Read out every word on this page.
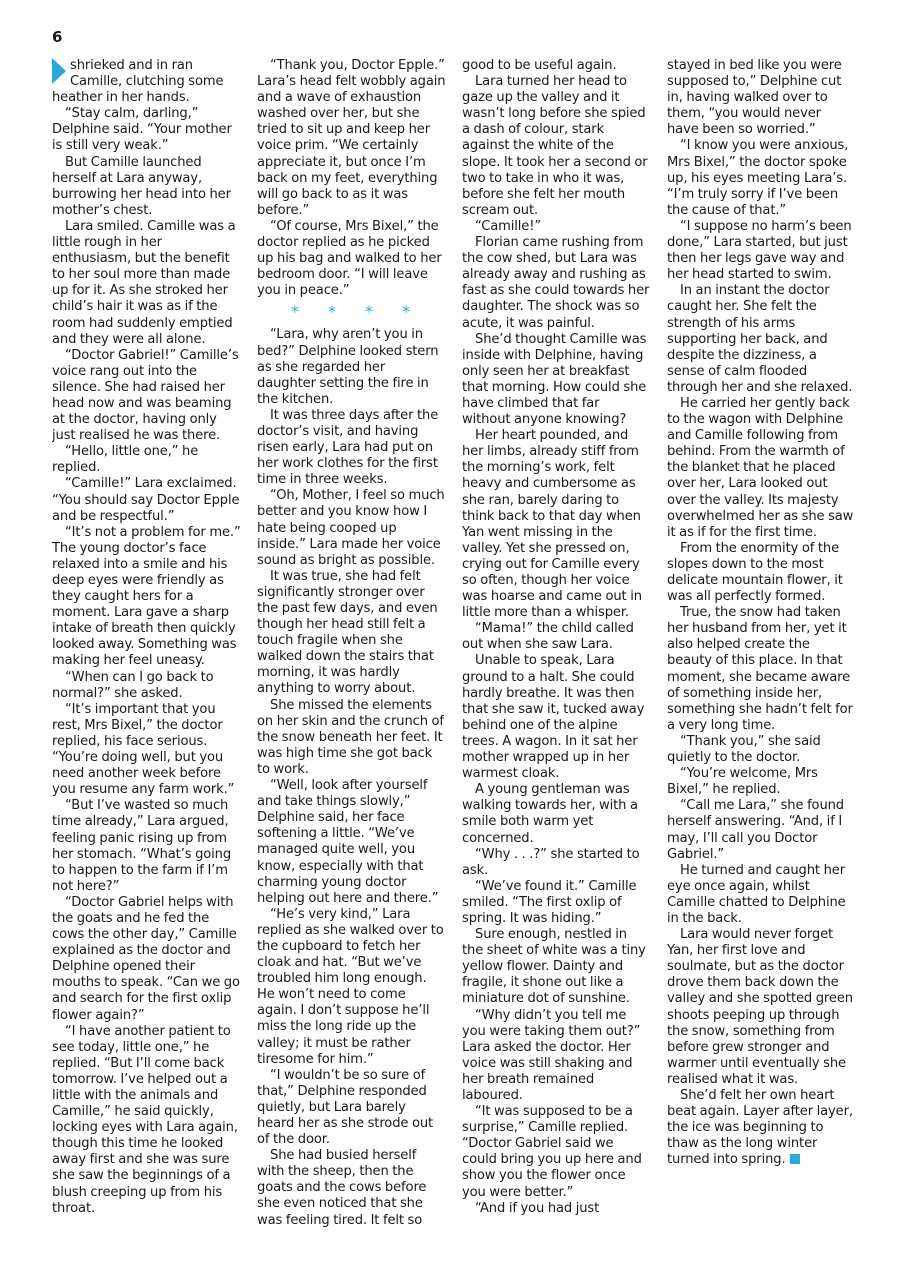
6

shrieked and in ran Camille, clutching some heather in her hands.

“Stay calm, darling,” Delphine said. “Your mother is still very weak.”

But Camille launched herself at Lara anyway, burrowing her head into her mother’s chest.

Lara smiled. Camille was a little rough in her enthusiasm, but the benefit to her soul more than made up for it. As she stroked her child’s hair it was as if the room had suddenly emptied and they were all alone.

“Doctor Gabriel!” Camille’s voice rang out into the silence. She had raised her head now and was beaming at the doctor, having only just realised he was there.

“Hello, little one,” he replied.

“Camille!” Lara exclaimed. “You should say Doctor Epple and be respectful.”

“It’s not a problem for me.” The young doctor’s face relaxed into a smile and his deep eyes were friendly as they caught hers for a moment. Lara gave a sharp intake of breath then quickly looked away. Something was making her feel uneasy.

“When can I go back to normal?” she asked.

“It’s important that you rest, Mrs Bixel,” the doctor replied, his face serious. “You’re doing well, but you need another week before you resume any farm work.”

“But I’ve wasted so much time already,” Lara argued, feeling panic rising up from her stomach. “What’s going to happen to the farm if I’m not here?”

“Doctor Gabriel helps with the goats and he fed the cows the other day,” Camille explained as the doctor and Delphine opened their mouths to speak. “Can we go and search for the first oxlip flower again?”

“I have another patient to see today, little one,” he replied. “But I’ll come back tomorrow. I’ve helped out a little with the animals and Camille,” he said quickly, locking eyes with Lara again, though this time he looked away first and she was sure she saw the beginnings of a blush creeping up from his throat.

“Thank you, Doctor Epple.” Lara’s head felt wobbly again and a wave of exhaustion washed over her, but she tried to sit up and keep her voice prim. “We certainly appreciate it, but once I’m back on my feet, everything will go back to as it was before.”

“Of course, Mrs Bixel,” the doctor replied as he picked up his bag and walked to her bedroom door. “I will leave you in peace.”

* * * *

“Lara, why aren’t you in bed?” Delphine looked stern as she regarded her daughter setting the fire in the kitchen.

It was three days after the doctor’s visit, and having risen early, Lara had put on her work clothes for the first time in three weeks.

“Oh, Mother, I feel so much better and you know how I hate being cooped up inside.” Lara made her voice sound as bright as possible.

It was true, she had felt significantly stronger over the past few days, and even though her head still felt a touch fragile when she walked down the stairs that morning, it was hardly anything to worry about.

She missed the elements on her skin and the crunch of the snow beneath her feet. It was high time she got back to work.

“Well, look after yourself and take things slowly,” Delphine said, her face softening a little. “We’ve managed quite well, you know, especially with that charming young doctor helping out here and there.”

“He’s very kind,” Lara replied as she walked over to the cupboard to fetch her cloak and hat. “But we’ve troubled him long enough. He won’t need to come again. I don’t suppose he’ll miss the long ride up the valley; it must be rather tiresome for him.”

“I wouldn’t be so sure of that,” Delphine responded quietly, but Lara barely heard her as she strode out of the door.

She had busied herself with the sheep, then the goats and the cows before she even noticed that she was feeling tired. It felt so

good to be useful again.

Lara turned her head to gaze up the valley and it wasn’t long before she spied a dash of colour, stark against the white of the slope. It took her a second or two to take in who it was, before she felt her mouth scream out.

“Camille!”

Florian came rushing from the cow shed, but Lara was already away and rushing as fast as she could towards her daughter. The shock was so acute, it was painful.

She’d thought Camille was inside with Delphine, having only seen her at breakfast that morning. How could she have climbed that far without anyone knowing?

Her heart pounded, and her limbs, already stiff from the morning’s work, felt heavy and cumbersome as she ran, barely daring to think back to that day when Yan went missing in the valley. Yet she pressed on, crying out for Camille every so often, though her voice was hoarse and came out in little more than a whisper.

“Mama!” the child called out when she saw Lara.

Unable to speak, Lara ground to a halt. She could hardly breathe. It was then that she saw it, tucked away behind one of the alpine trees. A wagon. In it sat her mother wrapped up in her warmest cloak.

A young gentleman was walking towards her, with a smile both warm yet concerned.

“Why . . .?” she started to ask.

“We’ve found it.” Camille smiled. “The first oxlip of spring. It was hiding.”

Sure enough, nestled in the sheet of white was a tiny yellow flower. Dainty and fragile, it shone out like a miniature dot of sunshine.

“Why didn’t you tell me you were taking them out?” Lara asked the doctor. Her voice was still shaking and her breath remained laboured.

“It was supposed to be a surprise,” Camille replied. “Doctor Gabriel said we could bring you up here and show you the flower once you were better.”

“And if you had just

stayed in bed like you were supposed to,” Delphine cut in, having walked over to them, “you would never have been so worried.”

“I know you were anxious, Mrs Bixel,” the doctor spoke up, his eyes meeting Lara’s. “I’m truly sorry if I’ve been the cause of that.”

“I suppose no harm’s been done,” Lara started, but just then her legs gave way and her head started to swim.

In an instant the doctor caught her. She felt the strength of his arms supporting her back, and despite the dizziness, a sense of calm flooded through her and she relaxed.

He carried her gently back to the wagon with Delphine and Camille following from behind. From the warmth of the blanket that he placed over her, Lara looked out over the valley. Its majesty overwhelmed her as she saw it as if for the first time.

From the enormity of the slopes down to the most delicate mountain flower, it was all perfectly formed.

True, the snow had taken her husband from her, yet it also helped create the beauty of this place. In that moment, she became aware of something inside her, something she hadn’t felt for a very long time.

“Thank you,” she said quietly to the doctor.

“You’re welcome, Mrs Bixel,” he replied.

“Call me Lara,” she found herself answering. “And, if I may, I’ll call you Doctor Gabriel.”

He turned and caught her eye once again, whilst Camille chatted to Delphine in the back.

Lara would never forget Yan, her first love and soulmate, but as the doctor drove them back down the valley and she spotted green shoots peeping up through the snow, something from before grew stronger and warmer until eventually she realised what it was.

She’d felt her own heart beat again. Layer after layer, the ice was beginning to thaw as the long winter turned into spring.
